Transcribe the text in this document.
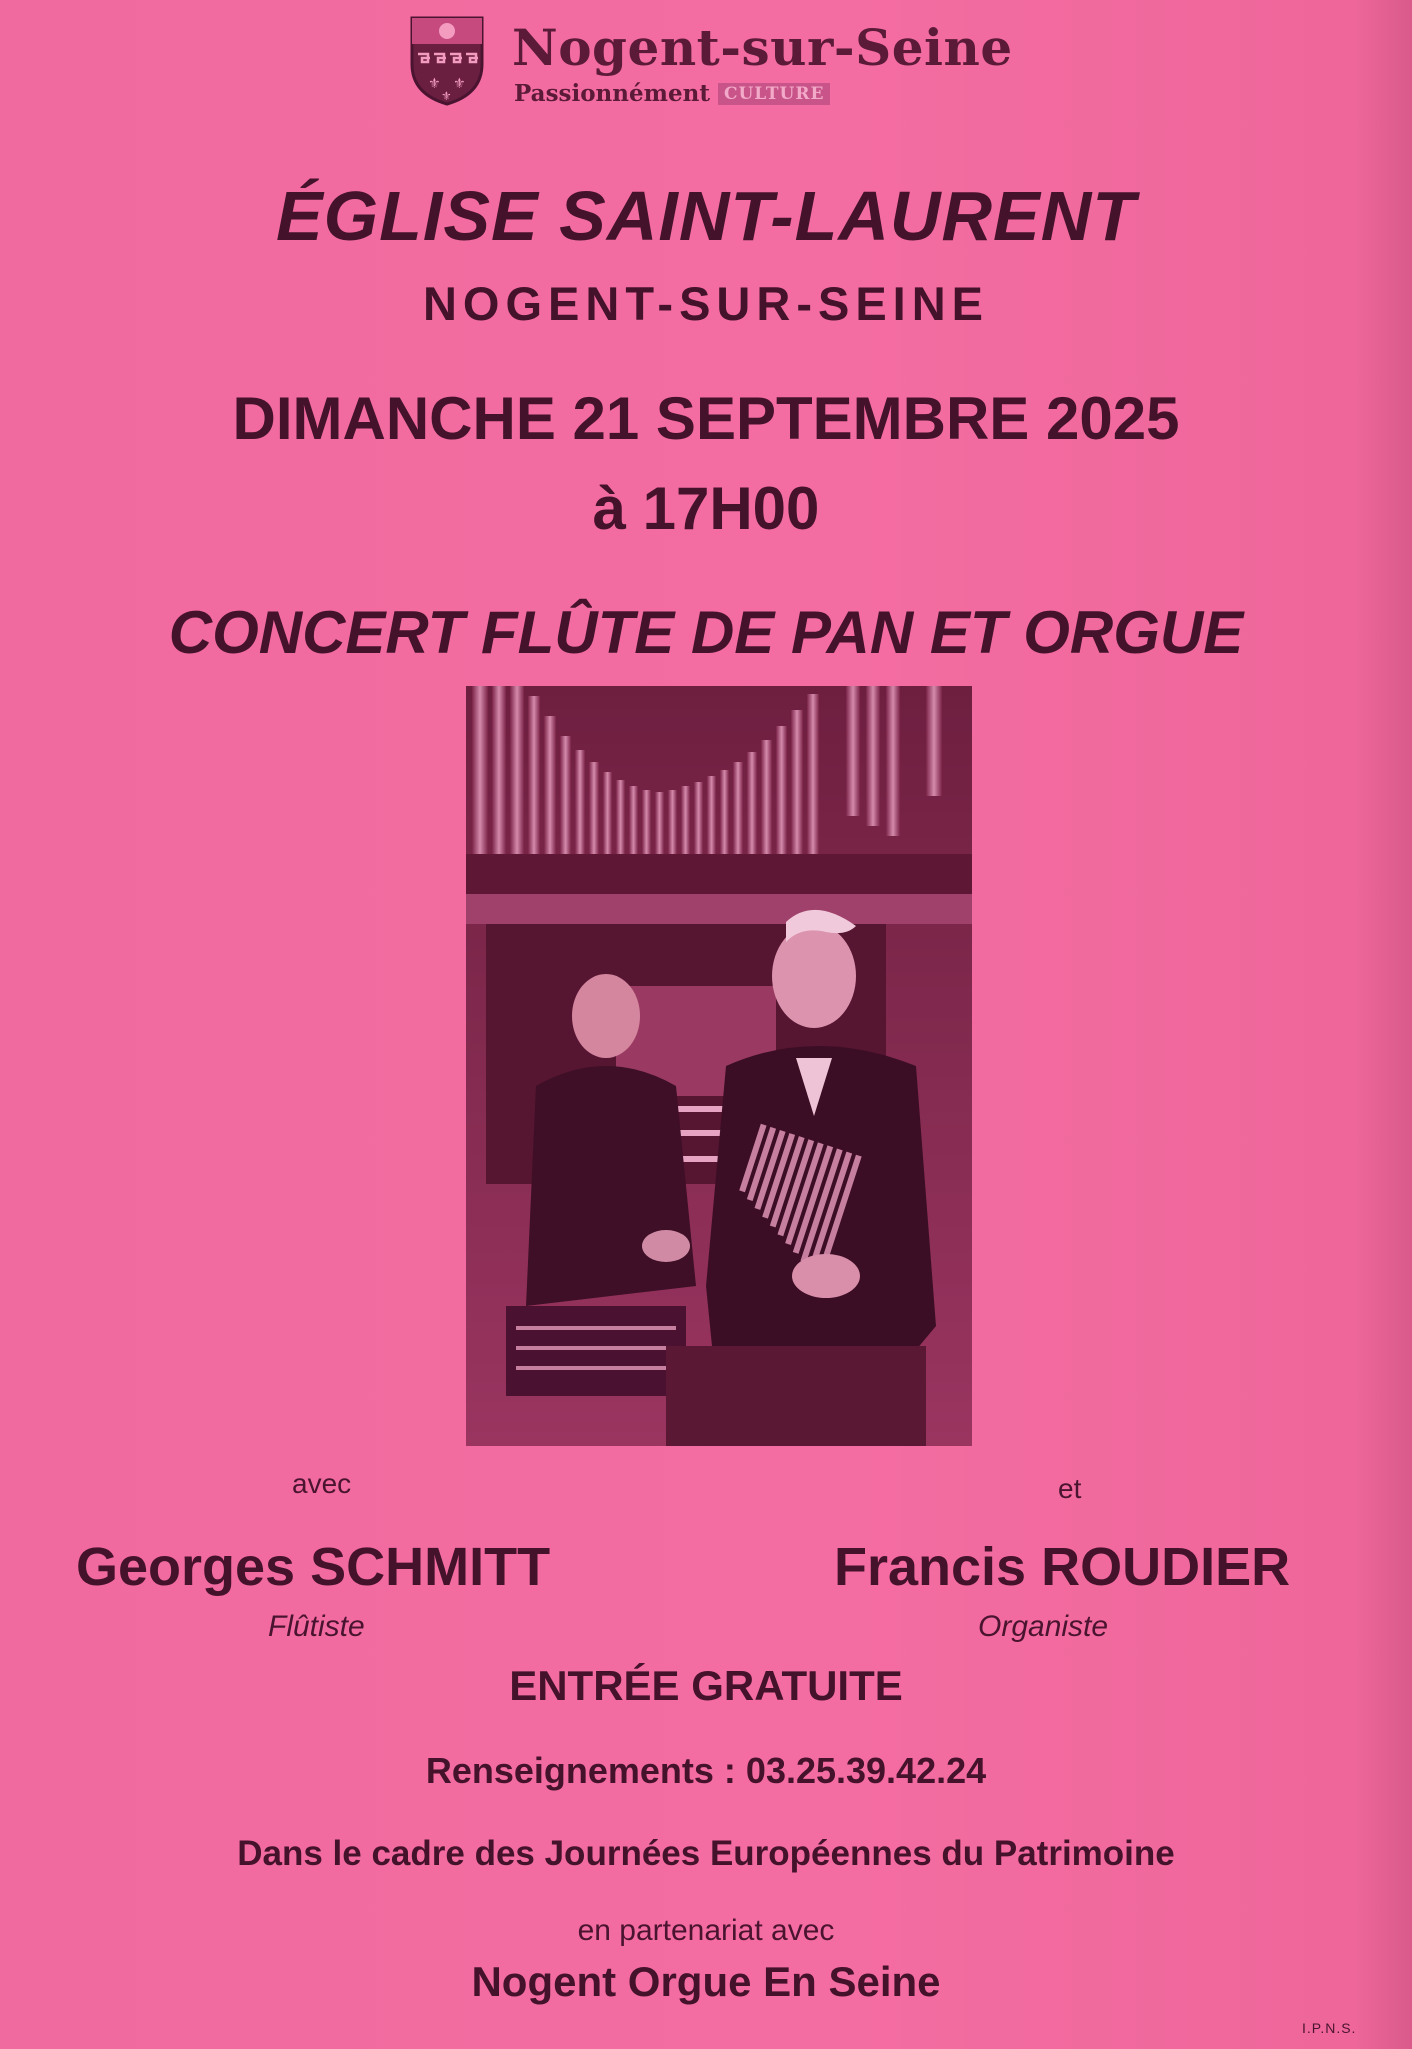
⚜ ⚜
⚜
Nogent-sur-Seine
Passionnément CULTURE
ÉGLISE SAINT-LAURENT
NOGENT-SUR-SEINE
DIMANCHE 21 SEPTEMBRE 2025
à 17H00
CONCERT FLÛTE DE PAN ET ORGUE
avec	et
Georges SCHMITT	Francis ROUDIER
Flûtiste	Organiste
ENTRÉE GRATUITE
Renseignements : 03.25.39.42.24
Dans le cadre des Journées Européennes du Patrimoine
en partenariat avec
Nogent Orgue En Seine
I.P.N.S.
